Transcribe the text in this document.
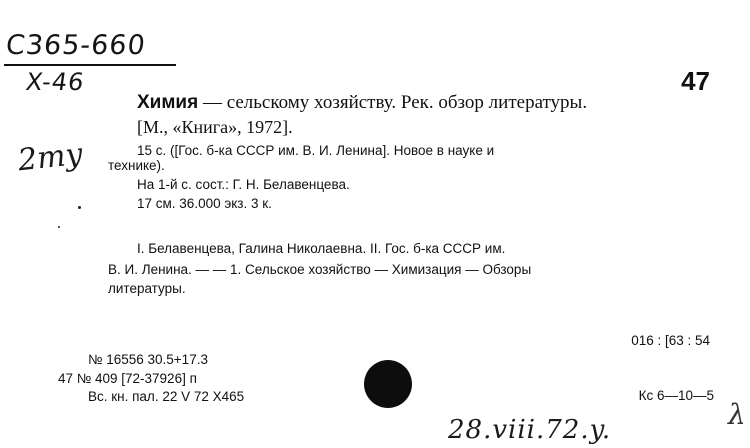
C365-660
X-46	47
Химия — сельскому хозяйству. Рек. обзор литературы.
[М., «Книга», 1972].
15 с. ([Гос. б-ка СССР им. В. И. Ленина]. Новое в науке и
технике).
На 1-й с. сост.: Г. Н. Белавенцева.
17 см. 36.000 экз. 3 к.
2my
I. Белавенцева, Галина Николаевна. II. Гос. б-ка СССР им.
В. И. Ленина. — — 1. Сельское хозяйство — Химизация — Обзоры
литературы.
016 : [63 : 54
№ 16556 30.5+17.3
47 № 409 [72-37926] п
Вс. кн. пал. 22 V 72 Х465	Кс 6—10—5
28.viii.72.y.	λ
